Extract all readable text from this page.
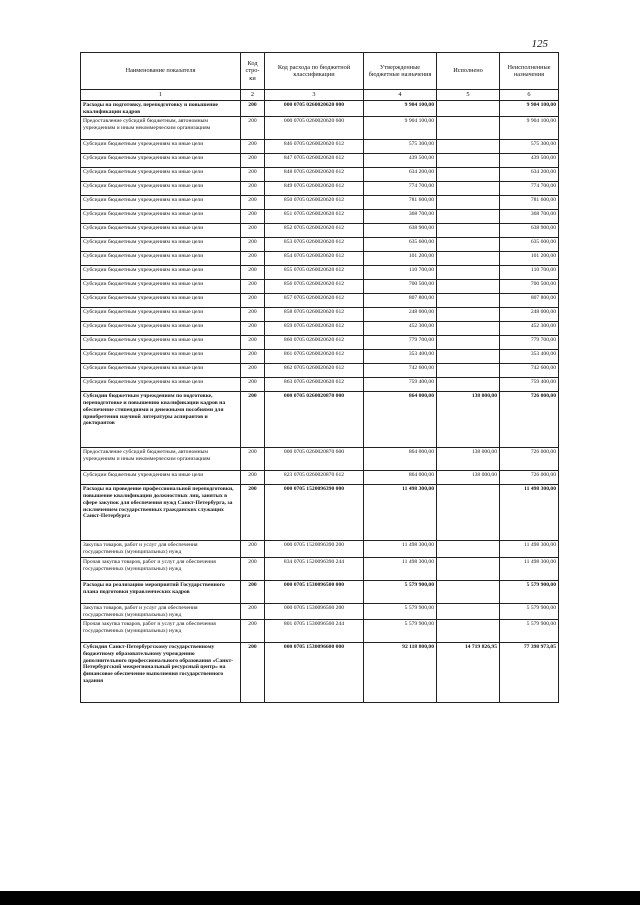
125
Наименование показателя	Код стро-ки	Код расхода по бюджетной классификации	Утвержденные бюджетные назначения	Исполнено	Неисполненные назначения
1	2	3	4	5	6
Расходы на подготовку, переподготовку и повышение квалификации кадров	200	000 0705 0260020620 000	9 904 100,00		9 904 100,00
Предоставление субсидий бюджетным, автономным учреждениям и иным некоммерческим организациям	200	000 0705 0260020620 600	9 904 100,00		9 904 100,00
Субсидии бюджетным учреждениям на иные цели	200	846 0705 0260020620 612	575 300,00		575 300,00
Субсидии бюджетным учреждениям на иные цели	200	847 0705 0260020620 612	439 500,00		439 500,00
Субсидии бюджетным учреждениям на иные цели	200	848 0705 0260020620 612	634 200,00		634 200,00
Субсидии бюджетным учреждениям на иные цели	200	849 0705 0260020620 612	774 700,00		774 700,00
Субсидии бюджетным учреждениям на иные цели	200	850 0705 0260020620 612	781 600,00		781 600,00
Субсидии бюджетным учреждениям на иные цели	200	851 0705 0260020620 612	368 700,00		368 700,00
Субсидии бюджетным учреждениям на иные цели	200	852 0705 0260020620 612	638 900,00		638 900,00
Субсидии бюджетным учреждениям на иные цели	200	853 0705 0260020620 612	635 600,00		635 600,00
Субсидии бюджетным учреждениям на иные цели	200	854 0705 0260020620 612	101 200,00		101 200,00
Субсидии бюджетным учреждениям на иные цели	200	855 0705 0260020620 612	110 700,00		110 700,00
Субсидии бюджетным учреждениям на иные цели	200	856 0705 0260020620 612	700 500,00		700 500,00
Субсидии бюджетным учреждениям на иные цели	200	857 0705 0260020620 612	807 800,00		807 800,00
Субсидии бюджетным учреждениям на иные цели	200	858 0705 0260020620 612	248 000,00		248 000,00
Субсидии бюджетным учреждениям на иные цели	200	859 0705 0260020620 612	452 300,00		452 300,00
Субсидии бюджетным учреждениям на иные цели	200	860 0705 0260020620 612	779 700,00		779 700,00
Субсидии бюджетным учреждениям на иные цели	200	861 0705 0260020620 612	353 400,00		353 400,00
Субсидии бюджетным учреждениям на иные цели	200	862 0705 0260020620 612	742 600,00		742 600,00
Субсидии бюджетным учреждениям на иные цели	200	863 0705 0260020620 612	759 400,00		759 400,00
Субсидии бюджетным учреждениям по подготовке, переподготовке и повышению квалификации кадров на обеспечение стипендиями и денежными пособиями для приобретения научной литературы аспирантов и докторантов	200	000 0705 0260020870 000	864 000,00	138 000,00	726 000,00
Предоставление субсидий бюджетным, автономным учреждениям и иным некоммерческим организациям	200	000 0705 0260020870 600	864 000,00	138 000,00	726 000,00
Субсидии бюджетным учреждениям на иные цели	200	823 0705 0260020870 612	864 000,00	138 000,00	726 000,00
Расходы на проведение профессиональной переподготовки, повышение квалификации должностных лиц, занятых в сфере закупок для обеспечения нужд Санкт-Петербурга, за исключением государственных гражданских служащих Санкт-Петербурга	200	000 0705 1520096390 000	11 498 300,00		11 498 300,00
Закупка товаров, работ и услуг для обеспечения государственных (муниципальных) нужд	200	000 0705 1520096390 200	11 498 300,00		11 498 300,00
Прочая закупка товаров, работ и услуг для обеспечения государственных (муниципальных) нужд	200	834 0705 1520096390 244	11 498 300,00		11 498 300,00
Расходы на реализацию мероприятий Государственного плана подготовки управленческих кадров	200	000 0705 1530096500 000	5 579 900,00		5 579 900,00
Закупка товаров, работ и услуг для обеспечения государственных (муниципальных) нужд	200	000 0705 1530096500 200	5 579 900,00		5 579 900,00
Прочая закупка товаров, работ и услуг для обеспечения государственных (муниципальных) нужд	200	801 0705 1530096500 244	5 579 900,00		5 579 900,00
Субсидия Санкт-Петербургскому государственному бюджетному образовательному учреждению дополнительного профессионального образования «Санкт-Петербургский межрегиональный ресурсный центр» на финансовое обеспечение выполнения государственного задания	200	000 0705 1530096600 000	92 118 800,00	14 719 826,95	77 398 973,05
